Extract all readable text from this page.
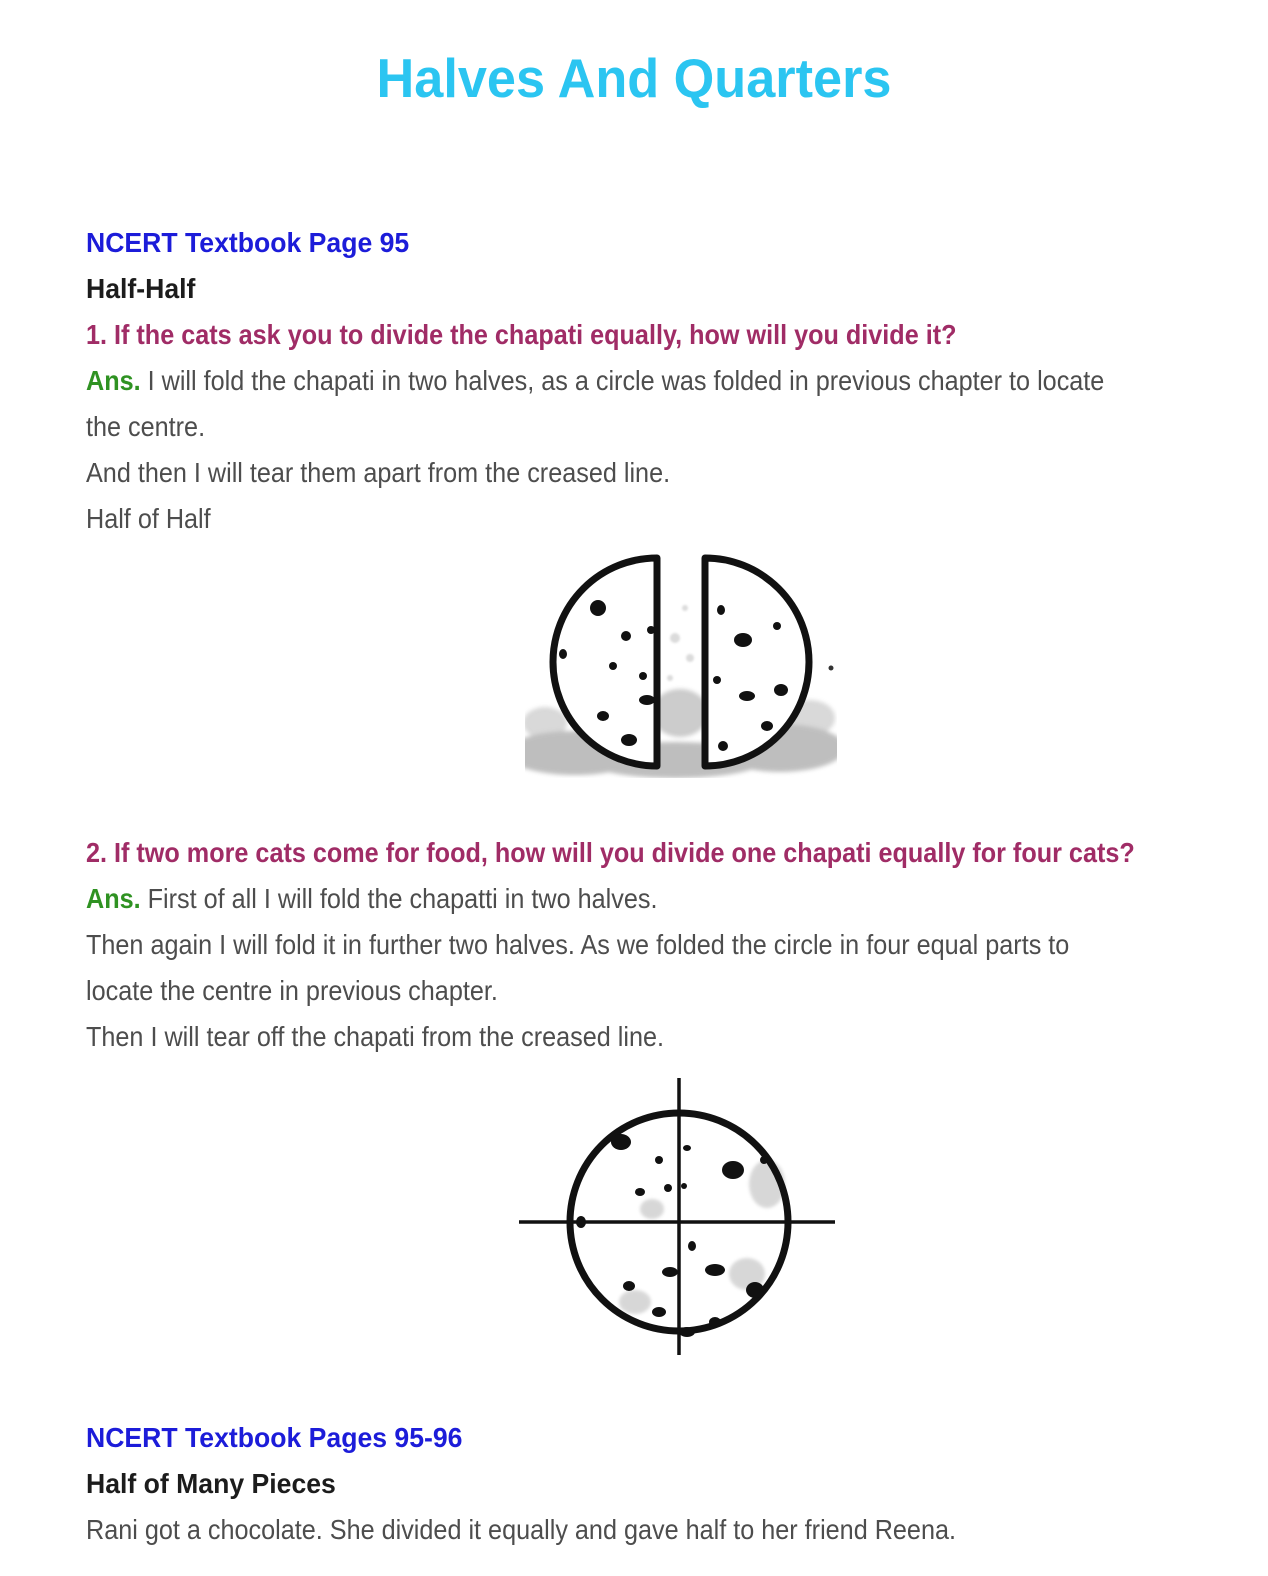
Halves And Quarters
NCERT Textbook Page 95
Half-Half
1. If the cats ask you to divide the chapati equally, how will you divide it?
Ans. I will fold the chapati in two halves, as a circle was folded in previous chapter to locate
the centre.
And then I will tear them apart from the creased line.
Half of Half
2. If two more cats come for food, how will you divide one chapati equally for four cats?
Ans. First of all I will fold the chapatti in two halves.
Then again I will fold it in further two halves. As we folded the circle in four equal parts to
locate the centre in previous chapter.
Then I will tear off the chapati from the creased line.
NCERT Textbook Pages 95-96
Half of Many Pieces
Rani got a chocolate. She divided it equally and gave half to her friend Reena.
